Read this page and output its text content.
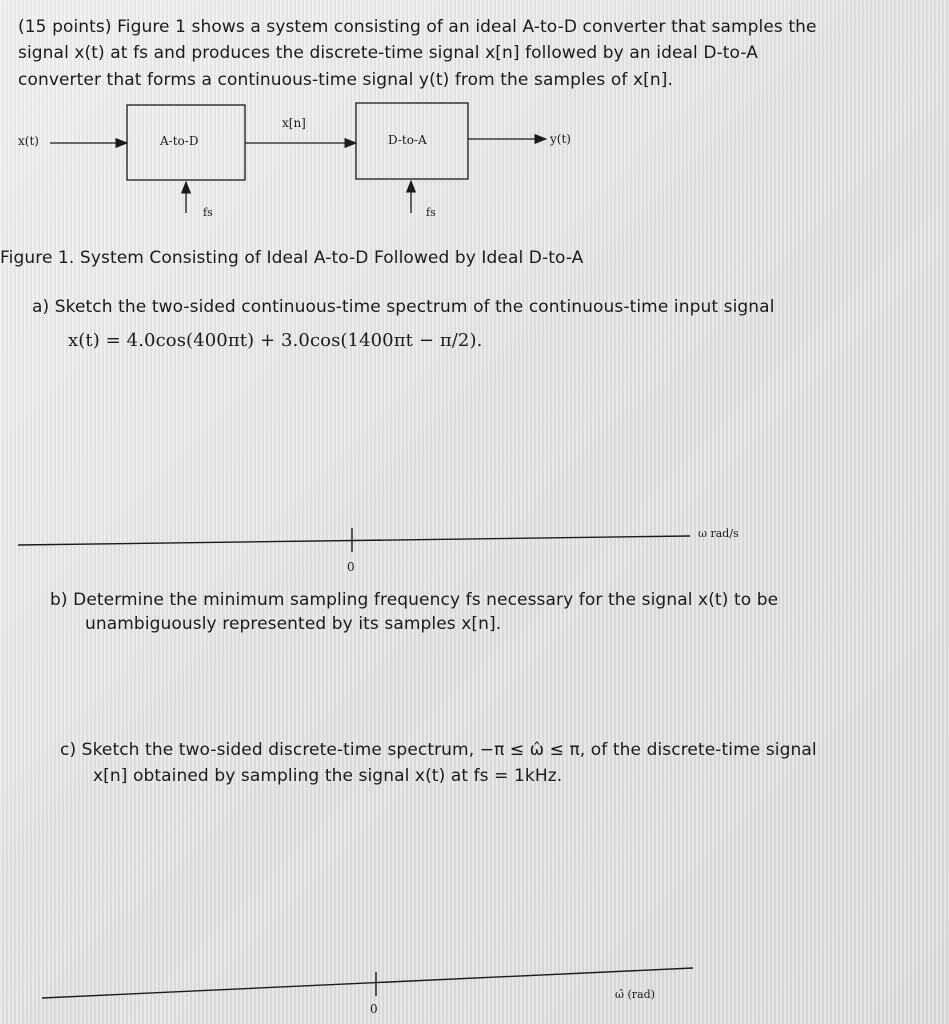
(15 points) Figure 1 shows a system consisting of an ideal A-to-D converter that samples the
signal x(t) at fs and produces the discrete-time signal x[n] followed by an ideal D-to-A
converter that forms a continuous-time signal y(t) from the samples of x[n].
x(t)	A-to-D
x[n]
D-to-A	y(t)
fs	fs
Figure 1. System Consisting of Ideal A-to-D Followed by Ideal D-to-A
a) Sketch the two-sided continuous-time spectrum of the continuous-time input signal
x(t) = 4.0cos(400πt) + 3.0cos(1400πt − π/2).
0
ω rad/s
b) Determine the minimum sampling frequency fs necessary for the signal x(t) to be
unambiguously represented by its samples x[n].
c) Sketch the two-sided discrete-time spectrum, −π ≤ ω̂ ≤ π, of the discrete-time signal
x[n] obtained by sampling the signal x(t) at fs = 1kHz.
0
ω̂ (rad)
